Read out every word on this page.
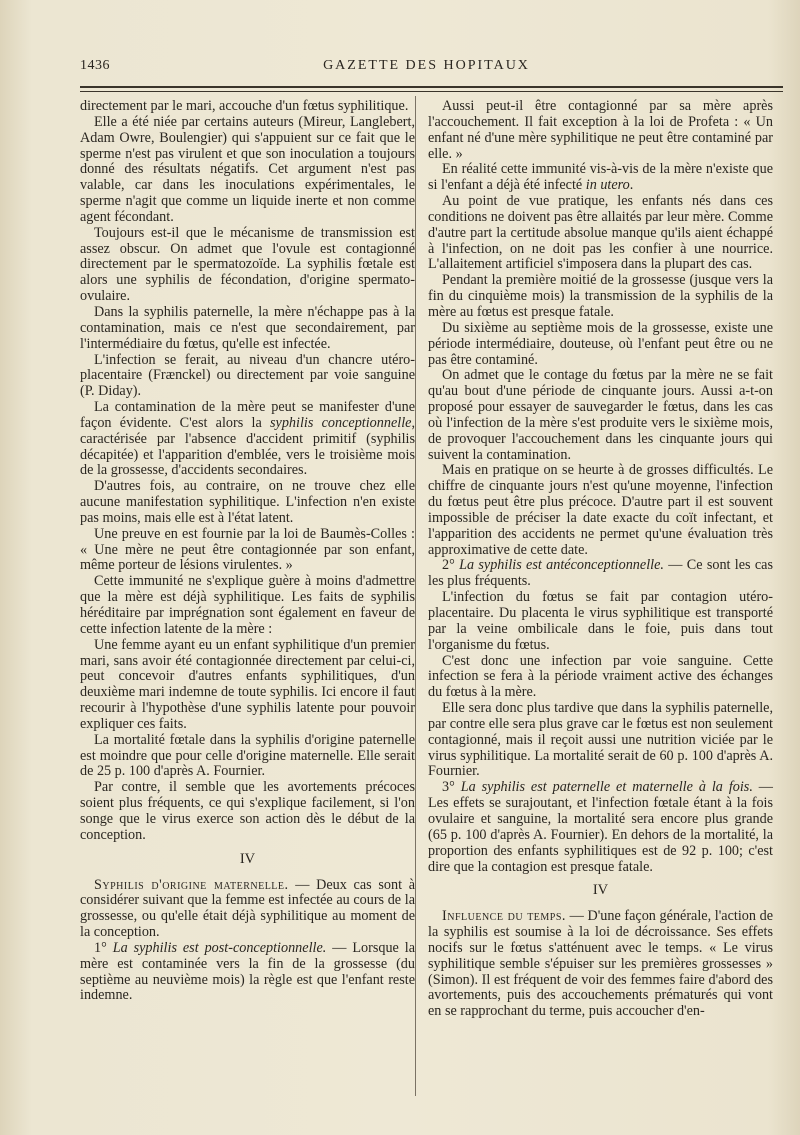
1436	GAZETTE DES HOPITAUX

directement par le mari, accouche d'un fœtus syphilitique.

Elle a été niée par certains auteurs (Mireur, Langlebert, Adam Owre, Boulengier) qui s'appuient sur ce fait que le sperme n'est pas virulent et que son inoculation a toujours donné des résultats négatifs. Cet argument n'est pas valable, car dans les inoculations expérimentales, le sperme n'agit que comme un liquide inerte et non comme agent fécondant.

Toujours est-il que le mécanisme de transmission est assez obscur. On admet que l'ovule est contagionné directement par le spermatozoïde. La syphilis fœtale est alors une syphilis de fécondation, d'origine spermato-ovulaire.

Dans la syphilis paternelle, la mère n'échappe pas à la contamination, mais ce n'est que secondairement, par l'intermédiaire du fœtus, qu'elle est infectée.

L'infection se ferait, au niveau d'un chancre utéro-placentaire (Frænckel) ou directement par voie sanguine (P. Diday).

La contamination de la mère peut se manifester d'une façon évidente. C'est alors la syphilis conceptionnelle, caractérisée par l'absence d'accident primitif (syphilis décapitée) et l'apparition d'emblée, vers le troisième mois de la grossesse, d'accidents secondaires.

D'autres fois, au contraire, on ne trouve chez elle aucune manifestation syphilitique. L'infection n'en existe pas moins, mais elle est à l'état latent.

Une preuve en est fournie par la loi de Baumès-Colles : « Une mère ne peut être contagionnée par son enfant, même porteur de lésions virulentes. »

Cette immunité ne s'explique guère à moins d'admettre que la mère est déjà syphilitique. Les faits de syphilis héréditaire par imprégnation sont également en faveur de cette infection latente de la mère :

Une femme ayant eu un enfant syphilitique d'un premier mari, sans avoir été contagionnée directement par celui-ci, peut concevoir d'autres enfants syphilitiques, d'un deuxième mari indemne de toute syphilis. Ici encore il faut recourir à l'hypothèse d'une syphilis latente pour pouvoir expliquer ces faits.

La mortalité fœtale dans la syphilis d'origine paternelle est moindre que pour celle d'origine maternelle. Elle serait de 25 p. 100 d'après A. Fournier.

Par contre, il semble que les avortements précoces soient plus fréquents, ce qui s'explique facilement, si l'on songe que le virus exerce son action dès le début de la conception.

IV

Syphilis d'origine maternelle. — Deux cas sont à considérer suivant que la femme est infectée au cours de la grossesse, ou qu'elle était déjà syphilitique au moment de la conception.

1° La syphilis est post-conceptionnelle. — Lorsque la mère est contaminée vers la fin de la grossesse (du septième au neuvième mois) la règle est que l'enfant reste indemne.

Aussi peut-il être contagionné par sa mère après l'accouchement. Il fait exception à la loi de Profeta : « Un enfant né d'une mère syphilitique ne peut être contaminé par elle. »

En réalité cette immunité vis-à-vis de la mère n'existe que si l'enfant a déjà été infecté in utero.

Au point de vue pratique, les enfants nés dans ces conditions ne doivent pas être allaités par leur mère. Comme d'autre part la certitude absolue manque qu'ils aient échappé à l'infection, on ne doit pas les confier à une nourrice. L'allaitement artificiel s'imposera dans la plupart des cas.

Pendant la première moitié de la grossesse (jusque vers la fin du cinquième mois) la transmission de la syphilis de la mère au fœtus est presque fatale.

Du sixième au septième mois de la grossesse, existe une période intermédiaire, douteuse, où l'enfant peut être ou ne pas être contaminé.

On admet que le contage du fœtus par la mère ne se fait qu'au bout d'une période de cinquante jours. Aussi a-t-on proposé pour essayer de sauvegarder le fœtus, dans les cas où l'infection de la mère s'est produite vers le sixième mois, de provoquer l'accouchement dans les cinquante jours qui suivent la contamination.

Mais en pratique on se heurte à de grosses difficultés. Le chiffre de cinquante jours n'est qu'une moyenne, l'infection du fœtus peut être plus précoce. D'autre part il est souvent impossible de préciser la date exacte du coït infectant, et l'apparition des accidents ne permet qu'une évaluation très approximative de cette date.

2° La syphilis est antéconceptionnelle. — Ce sont les cas les plus fréquents.

L'infection du fœtus se fait par contagion utéro-placentaire. Du placenta le virus syphilitique est transporté par la veine ombilicale dans le foie, puis dans tout l'organisme du fœtus.

C'est donc une infection par voie sanguine. Cette infection se fera à la période vraiment active des échanges du fœtus à la mère.

Elle sera donc plus tardive que dans la syphilis paternelle, par contre elle sera plus grave car le fœtus est non seulement contagionné, mais il reçoit aussi une nutrition viciée par le virus syphilitique. La mortalité serait de 60 p. 100 d'après A. Fournier.

3° La syphilis est paternelle et maternelle à la fois. — Les effets se surajoutant, et l'infection fœtale étant à la fois ovulaire et sanguine, la mortalité sera encore plus grande (65 p. 100 d'après A. Fournier). En dehors de la mortalité, la proportion des enfants syphilitiques est de 92 p. 100; c'est dire que la contagion est presque fatale.

IV

Influence du temps. — D'une façon générale, l'action de la syphilis est soumise à la loi de décroissance. Ses effets nocifs sur le fœtus s'atténuent avec le temps. « Le virus syphilitique semble s'épuiser sur les premières grossesses » (Simon). Il est fréquent de voir des femmes faire d'abord des avortements, puis des accouchements prématurés qui vont en se rapprochant du terme, puis accoucher d'en-
